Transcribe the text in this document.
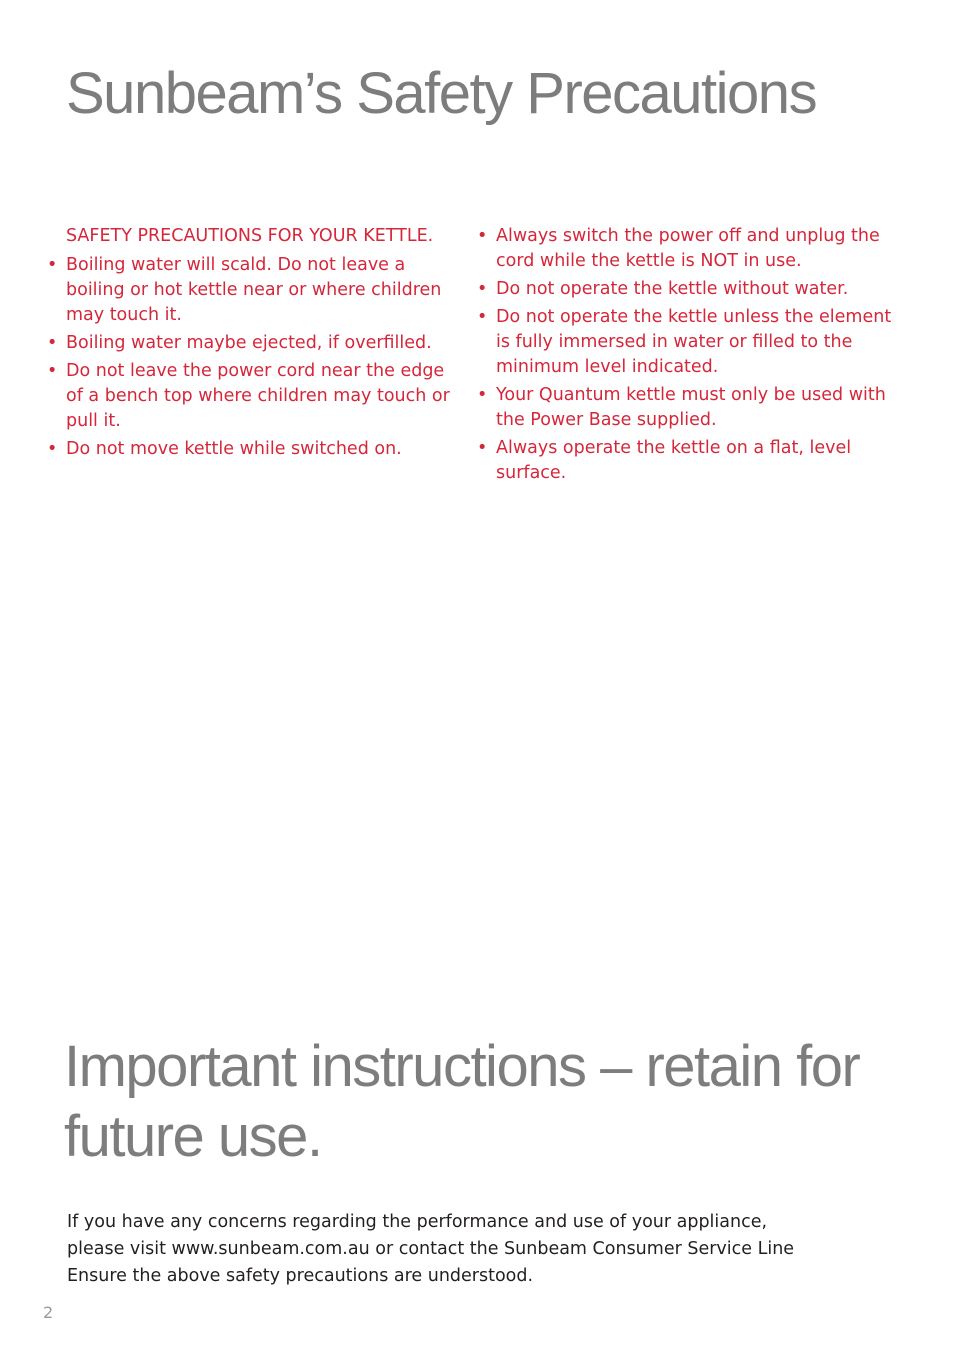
Sunbeam’s Safety Precautions

SAFETY PRECAUTIONS FOR YOUR KETTLE.

• Boiling water will scald. Do not leave a boiling or hot kettle near or where children may touch it.
• Boiling water maybe ejected, if overfilled.
• Do not leave the power cord near the edge of a bench top where children may touch or pull it.
• Do not move kettle while switched on.
• Always switch the power off and unplug the cord while the kettle is NOT in use.
• Do not operate the kettle without water.
• Do not operate the kettle unless the element is fully immersed in water or filled to the minimum level indicated.
• Your Quantum kettle must only be used with the Power Base supplied.
• Always operate the kettle on a flat, level surface.
Important instructions – retain for future use.

If you have any concerns regarding the performance and use of your appliance,

please visit www.sunbeam.com.au or contact the Sunbeam Consumer Service Line

Ensure the above safety precautions are understood.

2
